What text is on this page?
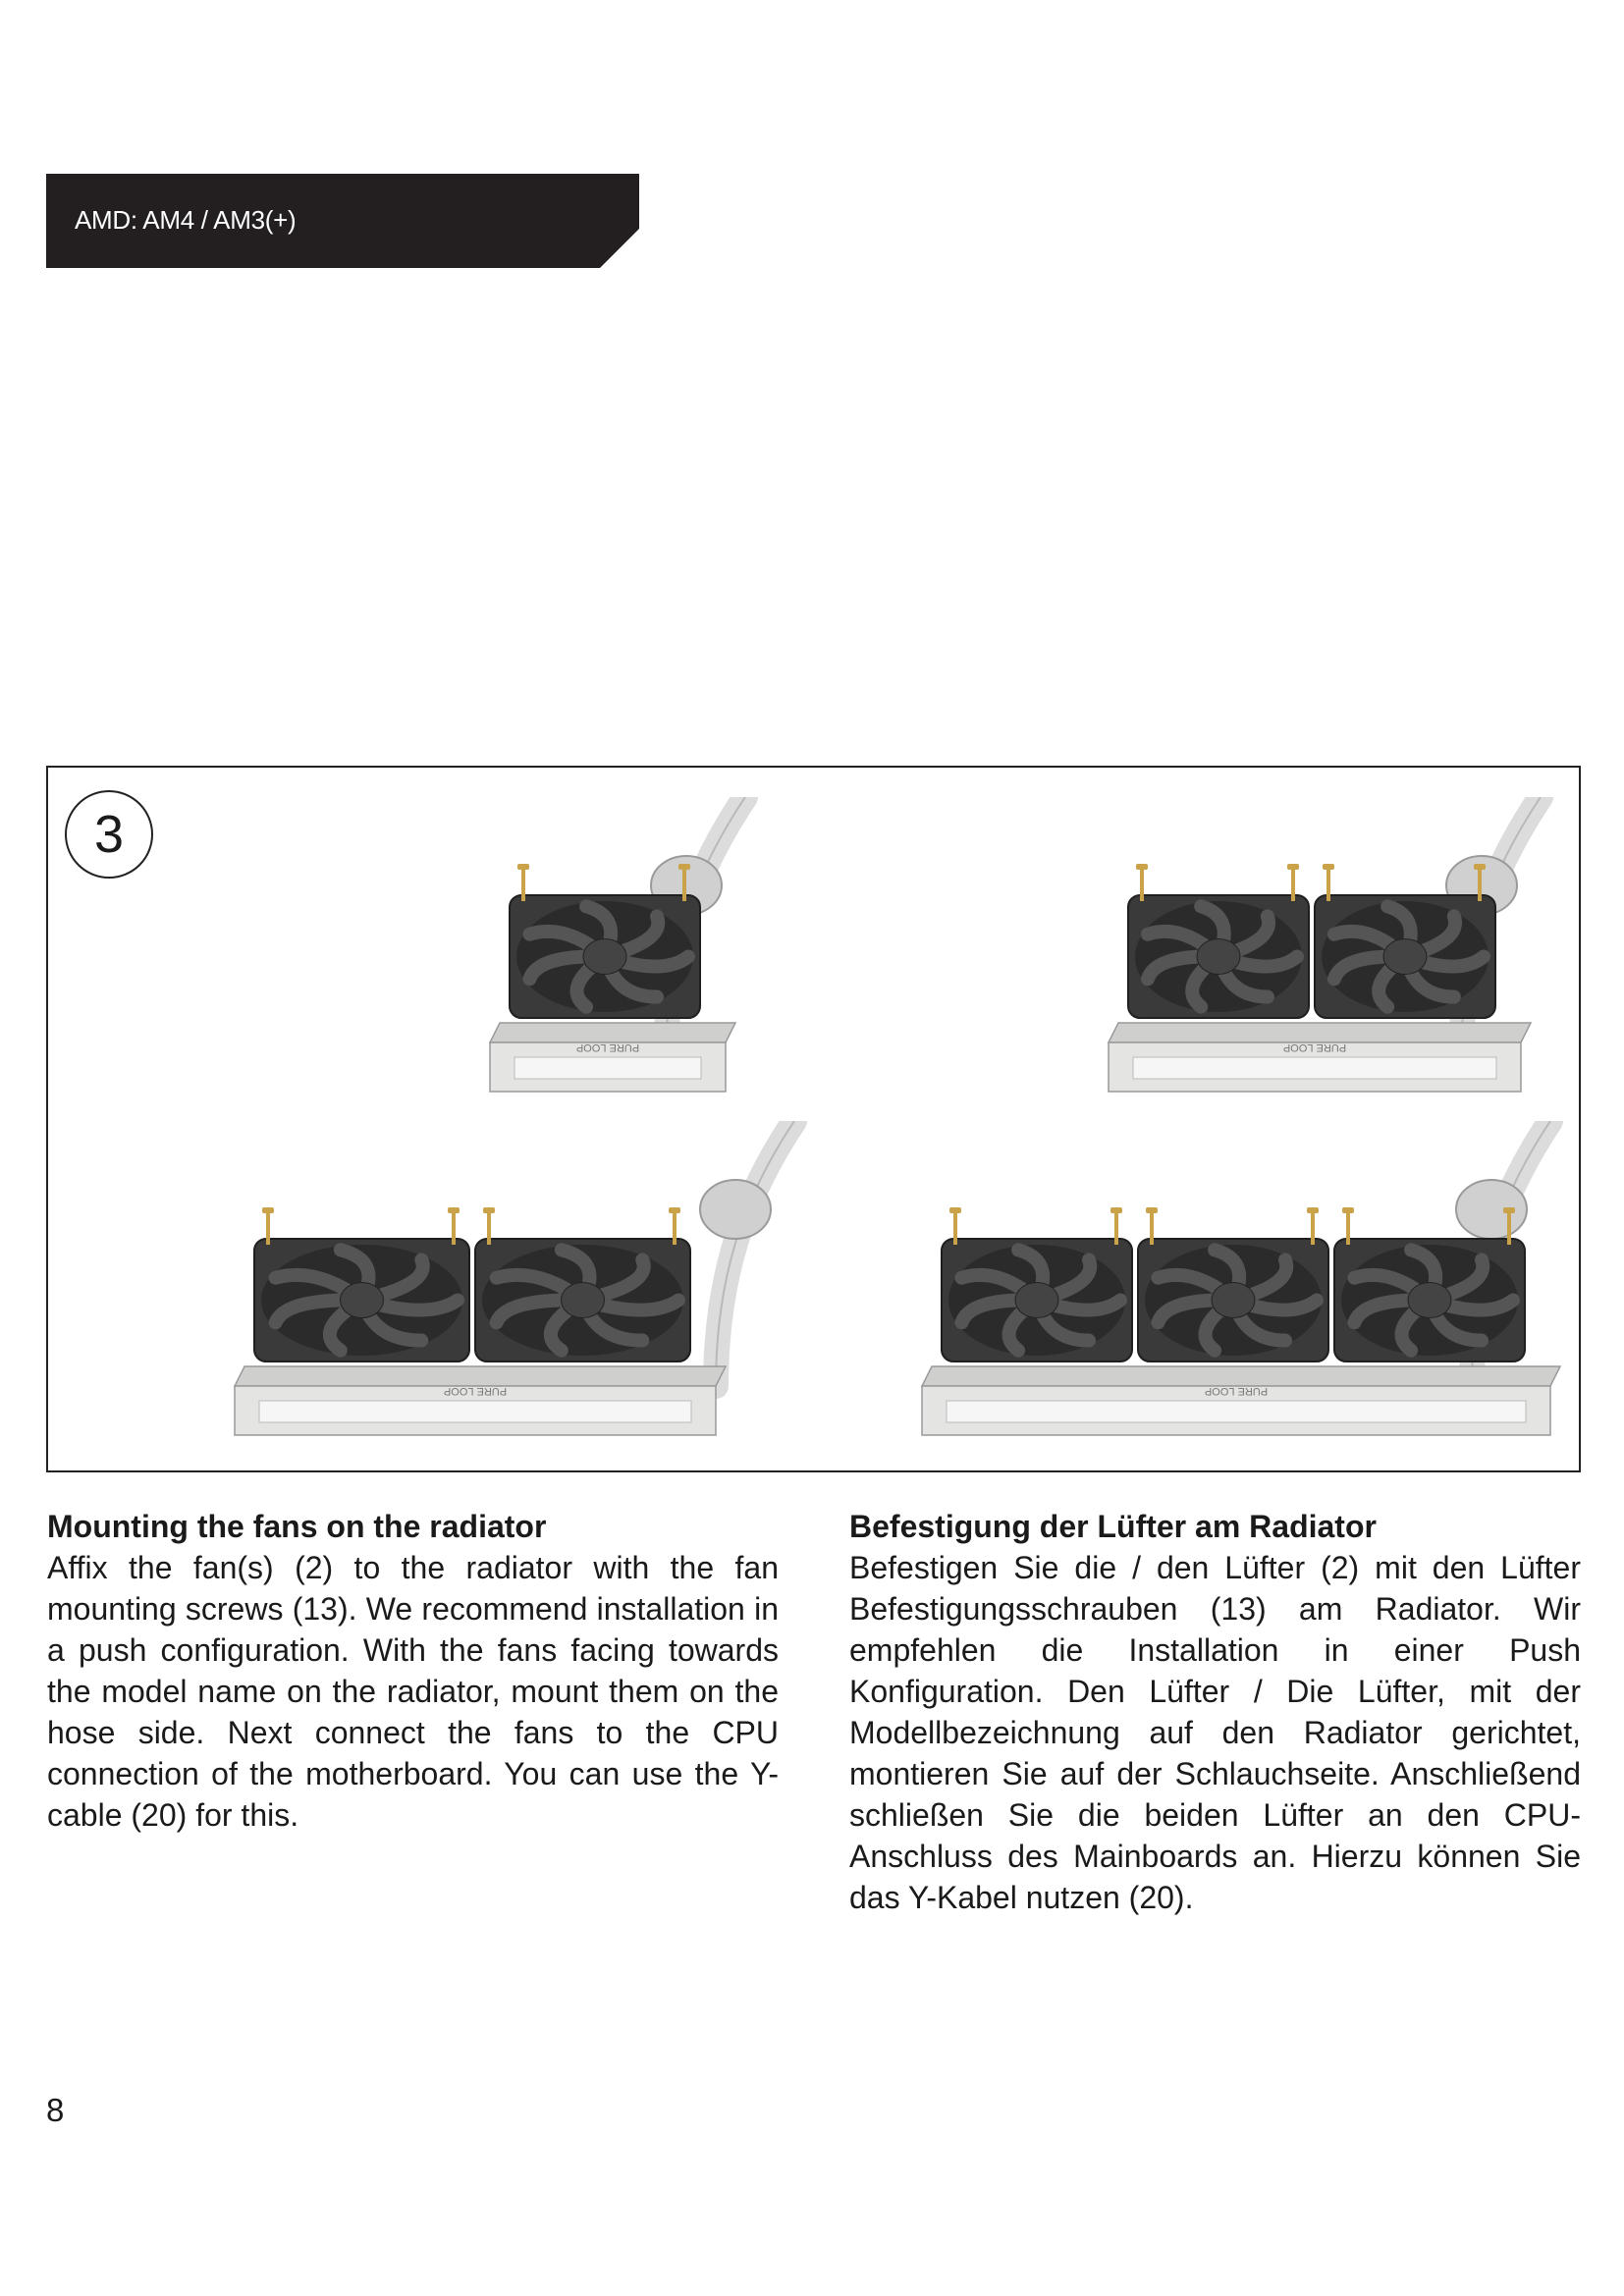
AMD: AM4 / AM3(+)
3
PURE LOOP	PURE LOOP
PURE LOOP	PURE LOOP
Mounting the fans on the radiator

Affix the fan(s) (2) to the radiator with the fan mounting screws (13). We recommend installation in a push configuration. With the fans facing towards the model name on the radiator, mount them on the hose side. Next connect the fans to the CPU connection of the motherboard. You can use the Y-cable (20) for this.

Befestigung der Lüfter am Radiator

Befestigen Sie die / den Lüfter (2) mit den Lüfter Befestigungsschrauben (13) am Radiator. Wir empfehlen die Installation in einer Push Konfiguration. Den Lüfter / Die Lüfter, mit der Modellbezeichnung auf den Radiator gerichtet, montieren Sie auf der Schlauchseite. Anschließend schließen Sie die beiden Lüfter an den CPU-Anschluss des Mainboards an. Hierzu können Sie das Y-Kabel nutzen (20).

8
